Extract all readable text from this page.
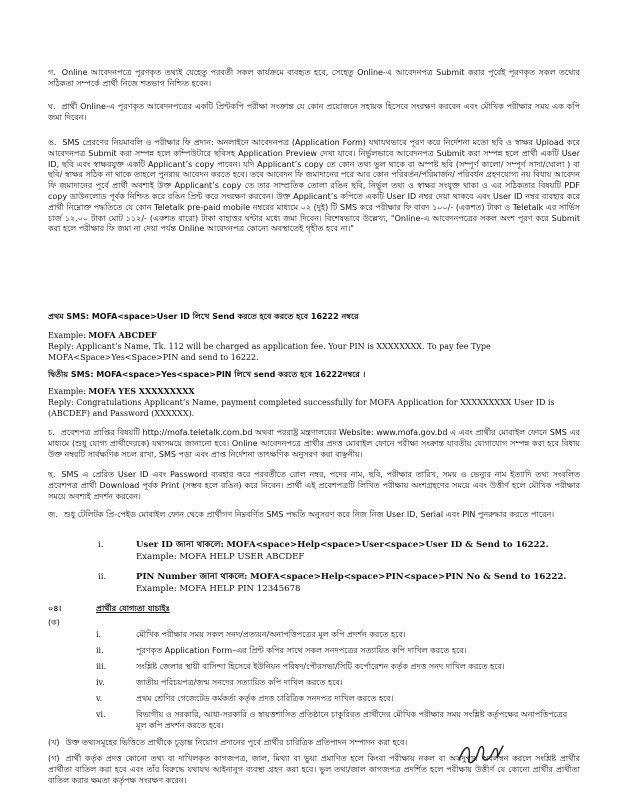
গ. Online আবেদনপত্রে পূরণকৃত তথ্যই যেহেতু পরবর্তী সকল কার্যক্রমে ব্যবহৃত হবে, সেহেতু Online-এ আবেদনপত্র Submit করার পূর্বেই পূরণকৃত সকল তথ্যের সঠিকতা সম্পর্কে প্রার্থী নিজে শতভাগ নিশ্চিত হবেন।
ঘ. প্রার্থী Online-এ পূরণকৃত আবেদনপত্রের একটি প্রিন্টকপি পরীক্ষা সংক্রান্ত যে কোন প্রয়োজনে সহায়ক হিসেবে সংরক্ষণ করবেন এবং মৌখিক পরীক্ষার সময় এক কপি জমা দিবেন।
ঙ. SMS প্রেরণের নিয়মাবলি ও পরীক্ষার ফি প্রদান: অনলাইনে আবেদনপত্র (Application Form) যথাযথভাবে পূরণ করে নির্দেশনা মতো ছবি ও স্বাক্ষর Upload করে আবেদনপত্র Submit করা সম্পন্ন হলে কম্পিউটারে ছবিসহ Application Preview দেখা যাবে। নির্ভুলভাবে আবেদনপত্র Submit করা সম্পন্ন হলে প্রার্থী একটি User ID, ছবি এবং স্বাক্ষরযুক্ত একটি Applicant’s copy পাবেন। যদি Applicant’s copy তে কোন তথ্য ভুল থাকে বা অস্পষ্ট ছবি (সম্পূর্ণ কালো/ সম্পূর্ণ সাদা/ঘোলা ) বা ছবি/ স্বাক্ষর সঠিক না থাকে তাহলে পুনরায় আবেদন করতে হবে। তবে আবেদন ফি জমাদানের পরে আর কোন পরিবর্তন/পরিমার্জন/ পরিবর্ধন গ্রহণযোগ্য নয় বিধায় আবেদন ফি জমাদানের পূর্বে প্রার্থী অবশ্যই উক্ত Applicant’s copy তে তার সাম্প্রতিক তোলা রঙিন ছবি, নির্ভুল তথ্য ও স্বাক্ষর সংযুক্ত থাকা ও এর সঠিকতার বিষয়টি PDF copy ডাউনলোড পূর্বক নিশ্চিত করে রঙিন প্রিন্ট করে সংরক্ষণ করবেন। উক্ত Applicant’s কপিতে একটি User ID নম্বর দেয়া থাকবে এবং User ID নম্বর ব্যবহার করে প্রার্থী নিম্নোক্ত পদ্ধতিতে যে কোন Teletalk pre-paid mobile নম্বরের মাধ্যমে ০২ (দুই) টি SMS করে পরীক্ষার ফি বাবদ ১০০/- (একশত) টাকা ও Teletalk এর সার্ভিস চার্জ ১২.০০ টাকা মোট ১১২/- (একশত বারো) টাকা বাহাত্তর ঘন্টার মধ্যে জমা দিবেন। বিশেষভাবে উল্লেখ্য, "Online-এ আবেদনপত্রের সকল অংশ পূরণ করে Submit করা হলে পরীক্ষার ফি জমা না দেয়া পর্যন্ত Online আবেদনপত্র কোনো অবস্থাতেই গৃহীত হবে না।"
প্রথম SMS: MOFA<space>User ID লিখে Send করতে হবে করতে হবে 16222 নম্বরে
Example: MOFA ABCDEF
Reply: Applicant’s Name, Tk. 112 will be charged as application fee. Your PIN is XXXXXXXX. To pay fee Type MOFA<Space>Yes<Space>PIN and send to 16222.
দ্বিতীয় SMS: MOFA<space>Yes<space>PIN লিখে send করতে হবে 16222নম্বরে ।
Example: MOFA YES XXXXXXXXX
Reply: Congratulations Applicant’s Name, payment completed successfully for MOFA Application for XXXXXXXXX User ID is (ABCDEF) and Password (XXXXXX).
চ. প্রবেশপত্র প্রাপ্তির বিষয়টি http://mofa.teletalk.com.bd অথবা পররাষ্ট্র মন্ত্রণালয়ের Website: www.mofa.gov.bd এ এবং প্রার্থীর মোবাইল ফোনে SMS এর মাধ্যমে (শুধু যোগ্য প্রার্থীদেরকে) যথাসময়ে জানানো হবে। Online আবেদনপত্রে প্রার্থীর প্রদত্ত মোবাইল ফোনে পরীক্ষা সংক্রান্ত যাবতীয় যোগাযোগ সম্পন্ন করা হবে বিধায় উক্ত নম্বরটি সার্বক্ষণিক সচল রাখা, SMS পড়া এবং প্রাপ্ত নির্দেশনা তাৎক্ষণিক অনুসরণ করা বাঞ্ছনীয়।
ছ. SMS এ প্রেরিত User ID এবং Password ব্যবহার করে পরবর্তীতে রোল নম্বর, পদের নাম, ছবি, পরীক্ষার তারিখ, সময় ও ভেন্যুর নাম ইত্যাদি তথ্য সংবলিত প্রবেশপত্র প্রার্থী Download পূর্বক Print (সম্ভব হলে রঙিন) করে নিবেন। প্রার্থী এই প্রবেশপত্রটি লিখিত পরীক্ষায় অংশগ্রহণের সময়ে এবং উত্তীর্ণ হলে মৌখিক পরীক্ষার সময়ে অবশ্যই প্রদর্শন করবেন।
জ. শুধু টেলিটক প্রি-পেইড মোবাইল ফোন থেকে প্রার্থীগণ নিম্নবর্ণিত SMS পদ্ধতি অনুসরণ করে নিজ নিজ User ID, Serial এবং PIN পুনরুদ্ধার করতে পারেন।
i.	User ID জানা থাকলে: MOFA<space>Help<space>User<space>User ID & Send to 16222.
Example: MOFA HELP USER ABCDEF
ii.	PIN Number জানা থাকলে: MOFA<space>Help<space>PIN<space>PIN No & Send to 16222.
Example: MOFA HELP PIN 12345678
০৪।	প্রার্থীর যোগ্যতা যাচাইঃ
(ক)
i.	মৌখিক পরীক্ষার সময় সকল সনদ/প্রত্যয়ন/অনাপত্তিপত্রের মূল কপি প্রদর্শন করতে হবে।
ii.	পূরণকৃত Application Form–এর প্রিন্ট কপির সাথে সকল সনদপত্রের সত্যায়িত কপি দাখিল করতে হবে।
iii.	সংশ্লিষ্ট জেলার স্থায়ী বাসিন্দা হিসেবে ইউনিয়ন পরিষদ/পৌরসভা/সিটি কর্পোরেশন কর্তৃক প্রদত্ত সনদ দাখিল করতে হবে।
iv.	জাতীয় পরিচয়পত্র/জন্ম সনদের সত্যায়িত কপি দাখিল করতে হবে।
v.	প্রথম শ্রেণির গেজেটেড কর্মকর্তা কর্তৃক প্রদত্ত চারিত্রিক সনদপত্র দাখিল করতে হবে।
vi.	বিভাগীয় ও সরকারি, আধা-সরকারি ও স্বায়ত্তশাসিত প্রতিষ্ঠানে চাকুরিরত প্রার্থীদের মৌখিক পরীক্ষার সময় সংশ্লিষ্ট কর্তৃপক্ষের অনাপত্তিপত্রের মূল কপি প্রদর্শন করতে হবে।
(খ) উক্ত তথ্যসমূহের ভিত্তিতে প্রার্থীকে চূড়ান্ত নিয়োগ প্রদানের পূর্বে প্রার্থীর চারিত্রিক প্রতিপাদন সম্পাদন করা হবে।
(গ) প্রার্থী কর্তৃক প্রদত্ত কোনো তথ্য বা দাখিলকৃত কাগজপত্র, জাল, মিথ্যা বা ভুয়া প্রমাণিত হলে কিংবা পরীক্ষায় নকল বা অসদুপায় অবলম্বন করলে সংশ্লিষ্ট প্রার্থীর প্রার্থীতা বাতিল করা হবে এবং তাঁর বিরুদ্ধে যথাযথ আইনানুগ ব্যবস্থা গ্রহণ করা হবে। ভুল তথ্য/জাল কাগজপত্র প্রদর্শিত হলে পরীক্ষায় উত্তীর্ণ যে কোনো প্রার্থীর প্রার্থীতা বাতিল করার ক্ষমতা কর্তৃপক্ষ সংরক্ষণ করেন।
